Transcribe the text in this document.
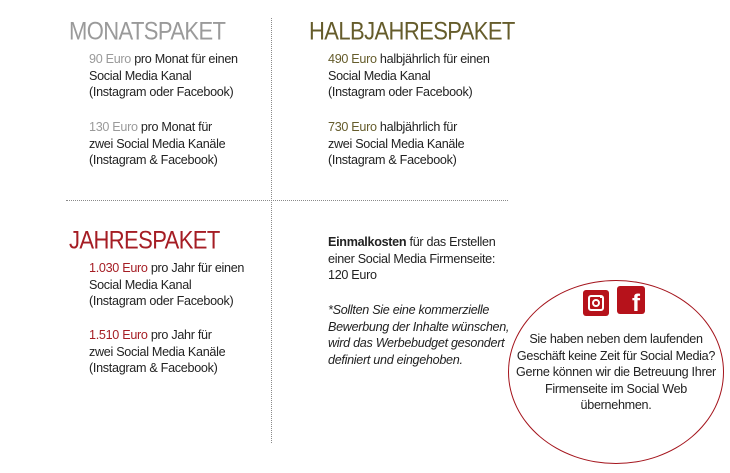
MONATSPAKET

90 Euro pro Monat für einen
Social Media Kanal
(Instagram oder Facebook)

130 Euro pro Monat für
zwei Social Media Kanäle
(Instagram & Facebook)

HALBJAHRESPAKET

490 Euro halbjährlich für einen
Social Media Kanal
(Instagram oder Facebook)

730 Euro halbjährlich für
zwei Social Media Kanäle
(Instagram & Facebook)

JAHRESPAKET

1.030 Euro pro Jahr für einen
Social Media Kanal
(Instagram oder Facebook)

1.510 Euro pro Jahr für
zwei Social Media Kanäle
(Instagram & Facebook)

Einmalkosten für das Erstellen
einer Social Media Firmenseite:
120 Euro

*Sollten Sie eine kommerzielle
Bewerbung der Inhalte wünschen,
wird das Werbebudget gesondert
definiert und eingehoben.

f

Sie haben neben dem laufenden
Geschäft keine Zeit für Social Media?
Gerne können wir die Betreuung Ihrer
Firmenseite im Social Web
übernehmen.
